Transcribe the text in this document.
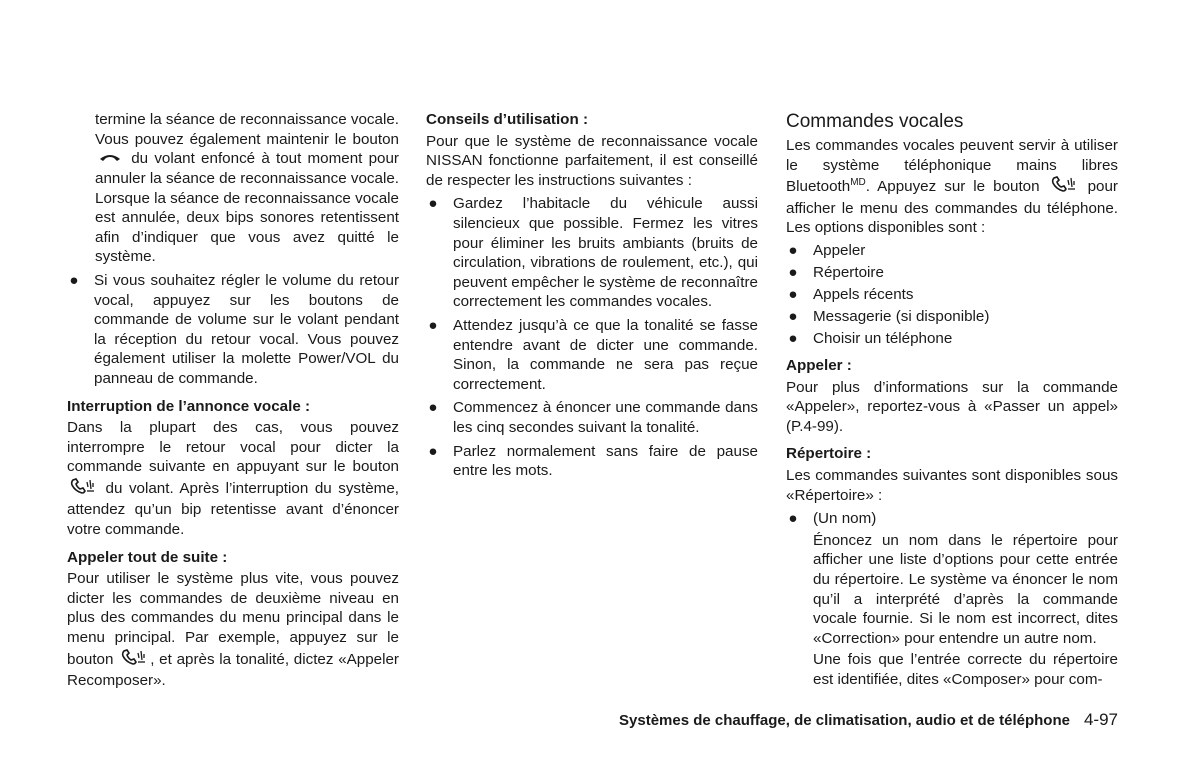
termine la séance de reconnaissance vocale. Vous pouvez également maintenir le bouton  du volant enfoncé à tout moment pour annuler la séance de reconnaissance vocale. Lorsque la séance de reconnaissance vocale est annulée, deux bips sonores retentissent afin d’indiquer que vous avez quitté le système.

● Si vous souhaitez régler le volume du retour vocal, appuyez sur les boutons de commande de volume sur le volant pendant la réception du retour vocal. Vous pouvez également utiliser la molette Power/VOL du panneau de commande.

Interruption de l’annonce vocale :

Dans la plupart des cas, vous pouvez interrompre le retour vocal pour dicter la commande suivante en appuyant sur le bouton  du volant. Après l’interruption du système, attendez qu’un bip retentisse avant d’énoncer votre commande.

Appeler tout de suite :

Pour utiliser le système plus vite, vous pouvez dicter les commandes de deuxième niveau en plus des commandes du menu principal dans le menu principal. Par exemple, appuyez sur le bouton , et après la tonalité, dictez «Appeler Recomposer».

Conseils d’utilisation :

Pour que le système de reconnaissance vocale NISSAN fonctionne parfaitement, il est conseillé de respecter les instructions suivantes :

● Gardez l’habitacle du véhicule aussi silencieux que possible. Fermez les vitres pour éliminer les bruits ambiants (bruits de circulation, vibrations de roulement, etc.), qui peuvent empêcher le système de reconnaître correctement les commandes vocales.
● Attendez jusqu’à ce que la tonalité se fasse entendre avant de dicter une commande. Sinon, la commande ne sera pas reçue correctement.
● Commencez à énoncer une commande dans les cinq secondes suivant la tonalité.
● Parlez normalement sans faire de pause entre les mots.

Commandes vocales

Les commandes vocales peuvent servir à utiliser le système téléphonique mains libres Bluetooth$^{MD}$. Appuyez sur le bouton	pour afficher le menu des commandes du téléphone. Les options disponibles sont :

● Appeler
● Répertoire
● Appels récents
● Messagerie (si disponible)
● Choisir un téléphone

Appeler :

Pour plus d’informations sur la commande «Appeler», reportez-vous à «Passer un appel» (P.4-99).

Répertoire :

Les commandes suivantes sont disponibles sous «Répertoire» :

● (Un nom)

Énoncez un nom dans le répertoire pour afficher une liste d’options pour cette entrée du répertoire. Le système va énoncer le nom qu’il a interprété d’après la commande vocale fournie. Si le nom est incorrect, dites «Correction» pour entendre un autre nom.

Une fois que l’entrée correcte du répertoire est identifiée, dites «Composer» pour com-

Systèmes de chauffage, de climatisation, audio et de téléphone 4-97
